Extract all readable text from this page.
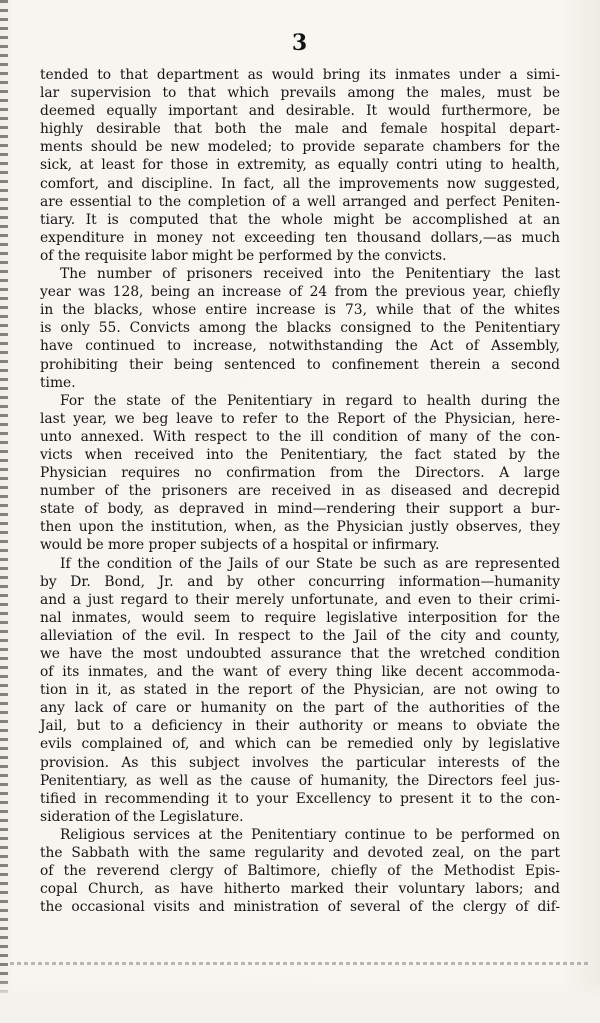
3
tended to that department as would bring its inmates under a simi-
lar supervision to that which prevails among the males, must be
deemed equally important and desirable. It would furthermore, be
highly desirable that both the male and female hospital depart-
ments should be new modeled; to provide separate chambers for the
sick, at least for those in extremity, as equally contri uting to health,
comfort, and discipline. In fact, all the improvements now suggested,
are essential to the completion of a well arranged and perfect Peniten-
tiary. It is computed that the whole might be accomplished at an
expenditure in money not exceeding ten thousand dollars,—as much
of the requisite labor might be performed by the convicts.
The number of prisoners received into the Penitentiary the last
year was 128, being an increase of 24 from the previous year, chiefly
in the blacks, whose entire increase is 73, while that of the whites
is only 55. Convicts among the blacks consigned to the Penitentiary
have continued to increase, notwithstanding the Act of Assembly,
prohibiting their being sentenced to confinement therein a second
time.
For the state of the Penitentiary in regard to health during the
last year, we beg leave to refer to the Report of the Physician, here-
unto annexed. With respect to the ill condition of many of the con-
victs when received into the Penitentiary, the fact stated by the
Physician requires no confirmation from the Directors. A large
number of the prisoners are received in as diseased and decrepid
state of body, as depraved in mind—rendering their support a bur-
then upon the institution, when, as the Physician justly observes, they
would be more proper subjects of a hospital or infirmary.
If the condition of the Jails of our State be such as are represented
by Dr. Bond, Jr. and by other concurring information—humanity
and a just regard to their merely unfortunate, and even to their crimi-
nal inmates, would seem to require legislative interposition for the
alleviation of the evil. In respect to the Jail of the city and county,
we have the most undoubted assurance that the wretched condition
of its inmates, and the want of every thing like decent accommoda-
tion in it, as stated in the report of the Physician, are not owing to
any lack of care or humanity on the part of the authorities of the
Jail, but to a deficiency in their authority or means to obviate the
evils complained of, and which can be remedied only by legislative
provision. As this subject involves the particular interests of the
Penitentiary, as well as the cause of humanity, the Directors feel jus-
tified in recommending it to your Excellency to present it to the con-
sideration of the Legislature.
Religious services at the Penitentiary continue to be performed on
the Sabbath with the same regularity and devoted zeal, on the part
of the reverend clergy of Baltimore, chiefly of the Methodist Epis-
copal Church, as have hitherto marked their voluntary labors; and
the occasional visits and ministration of several of the clergy of dif-
